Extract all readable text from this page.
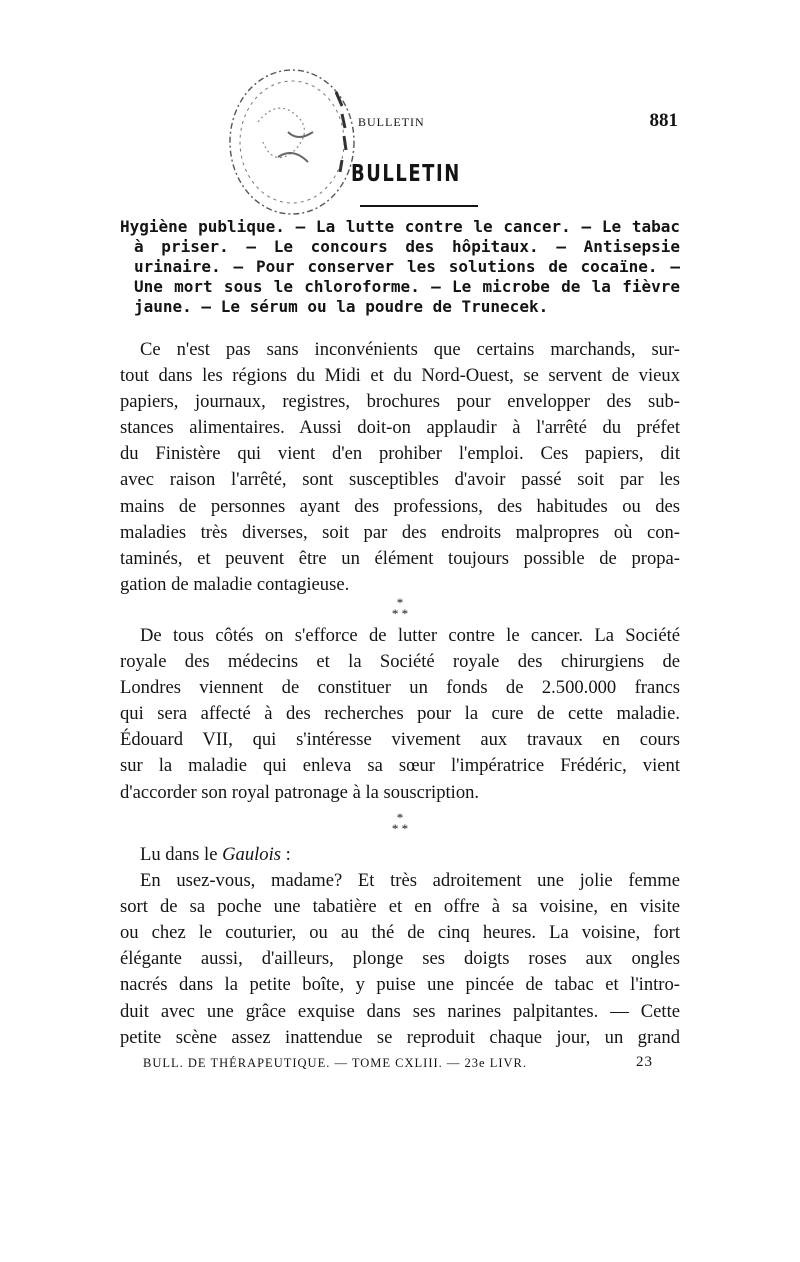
BULLETIN	881
BULLETIN
Hygiène publique. — La lutte contre le cancer. — Le tabac
à priser. — Le concours des hôpitaux. — Antisepsie
urinaire. — Pour conserver les solutions de cocaïne. —
Une mort sous le chloroforme. — Le microbe de la fièvre
jaune. — Le sérum ou la poudre de Trunecek.
Ce n'est pas sans inconvénients que certains marchands, sur-
tout dans les régions du Midi et du Nord-Ouest, se servent de vieux
papiers, journaux, registres, brochures pour envelopper des sub-
stances alimentaires. Aussi doit-on applaudir à l'arrêté du préfet
du Finistère qui vient d'en prohiber l'emploi. Ces papiers, dit
avec raison l'arrêté, sont susceptibles d'avoir passé soit par les
mains de personnes ayant des professions, des habitudes ou des
maladies très diverses, soit par des endroits malpropres où con-
taminés, et peuvent être un élément toujours possible de propa-
gation de maladie contagieuse.
*
* *
De tous côtés on s'efforce de lutter contre le cancer. La Société
royale des médecins et la Société royale des chirurgiens de
Londres viennent de constituer un fonds de 2.500.000 francs
qui sera affecté à des recherches pour la cure de cette maladie.
Édouard VII, qui s'intéresse vivement aux travaux en cours
sur la maladie qui enleva sa sœur l'impératrice Frédéric, vient
d'accorder son royal patronage à la souscription.
*
* *
Lu dans le Gaulois :
En usez-vous, madame? Et très adroitement une jolie femme
sort de sa poche une tabatière et en offre à sa voisine, en visite
ou chez le couturier, ou au thé de cinq heures. La voisine, fort
élégante aussi, d'ailleurs, plonge ses doigts roses aux ongles
nacrés dans la petite boîte, y puise une pincée de tabac et l'intro-
duit avec une grâce exquise dans ses narines palpitantes. — Cette
petite scène assez inattendue se reproduit chaque jour, un grand
BULL. DE THÉRAPEUTIQUE. — TOME CXLIII. — 23e LIVR.	23
